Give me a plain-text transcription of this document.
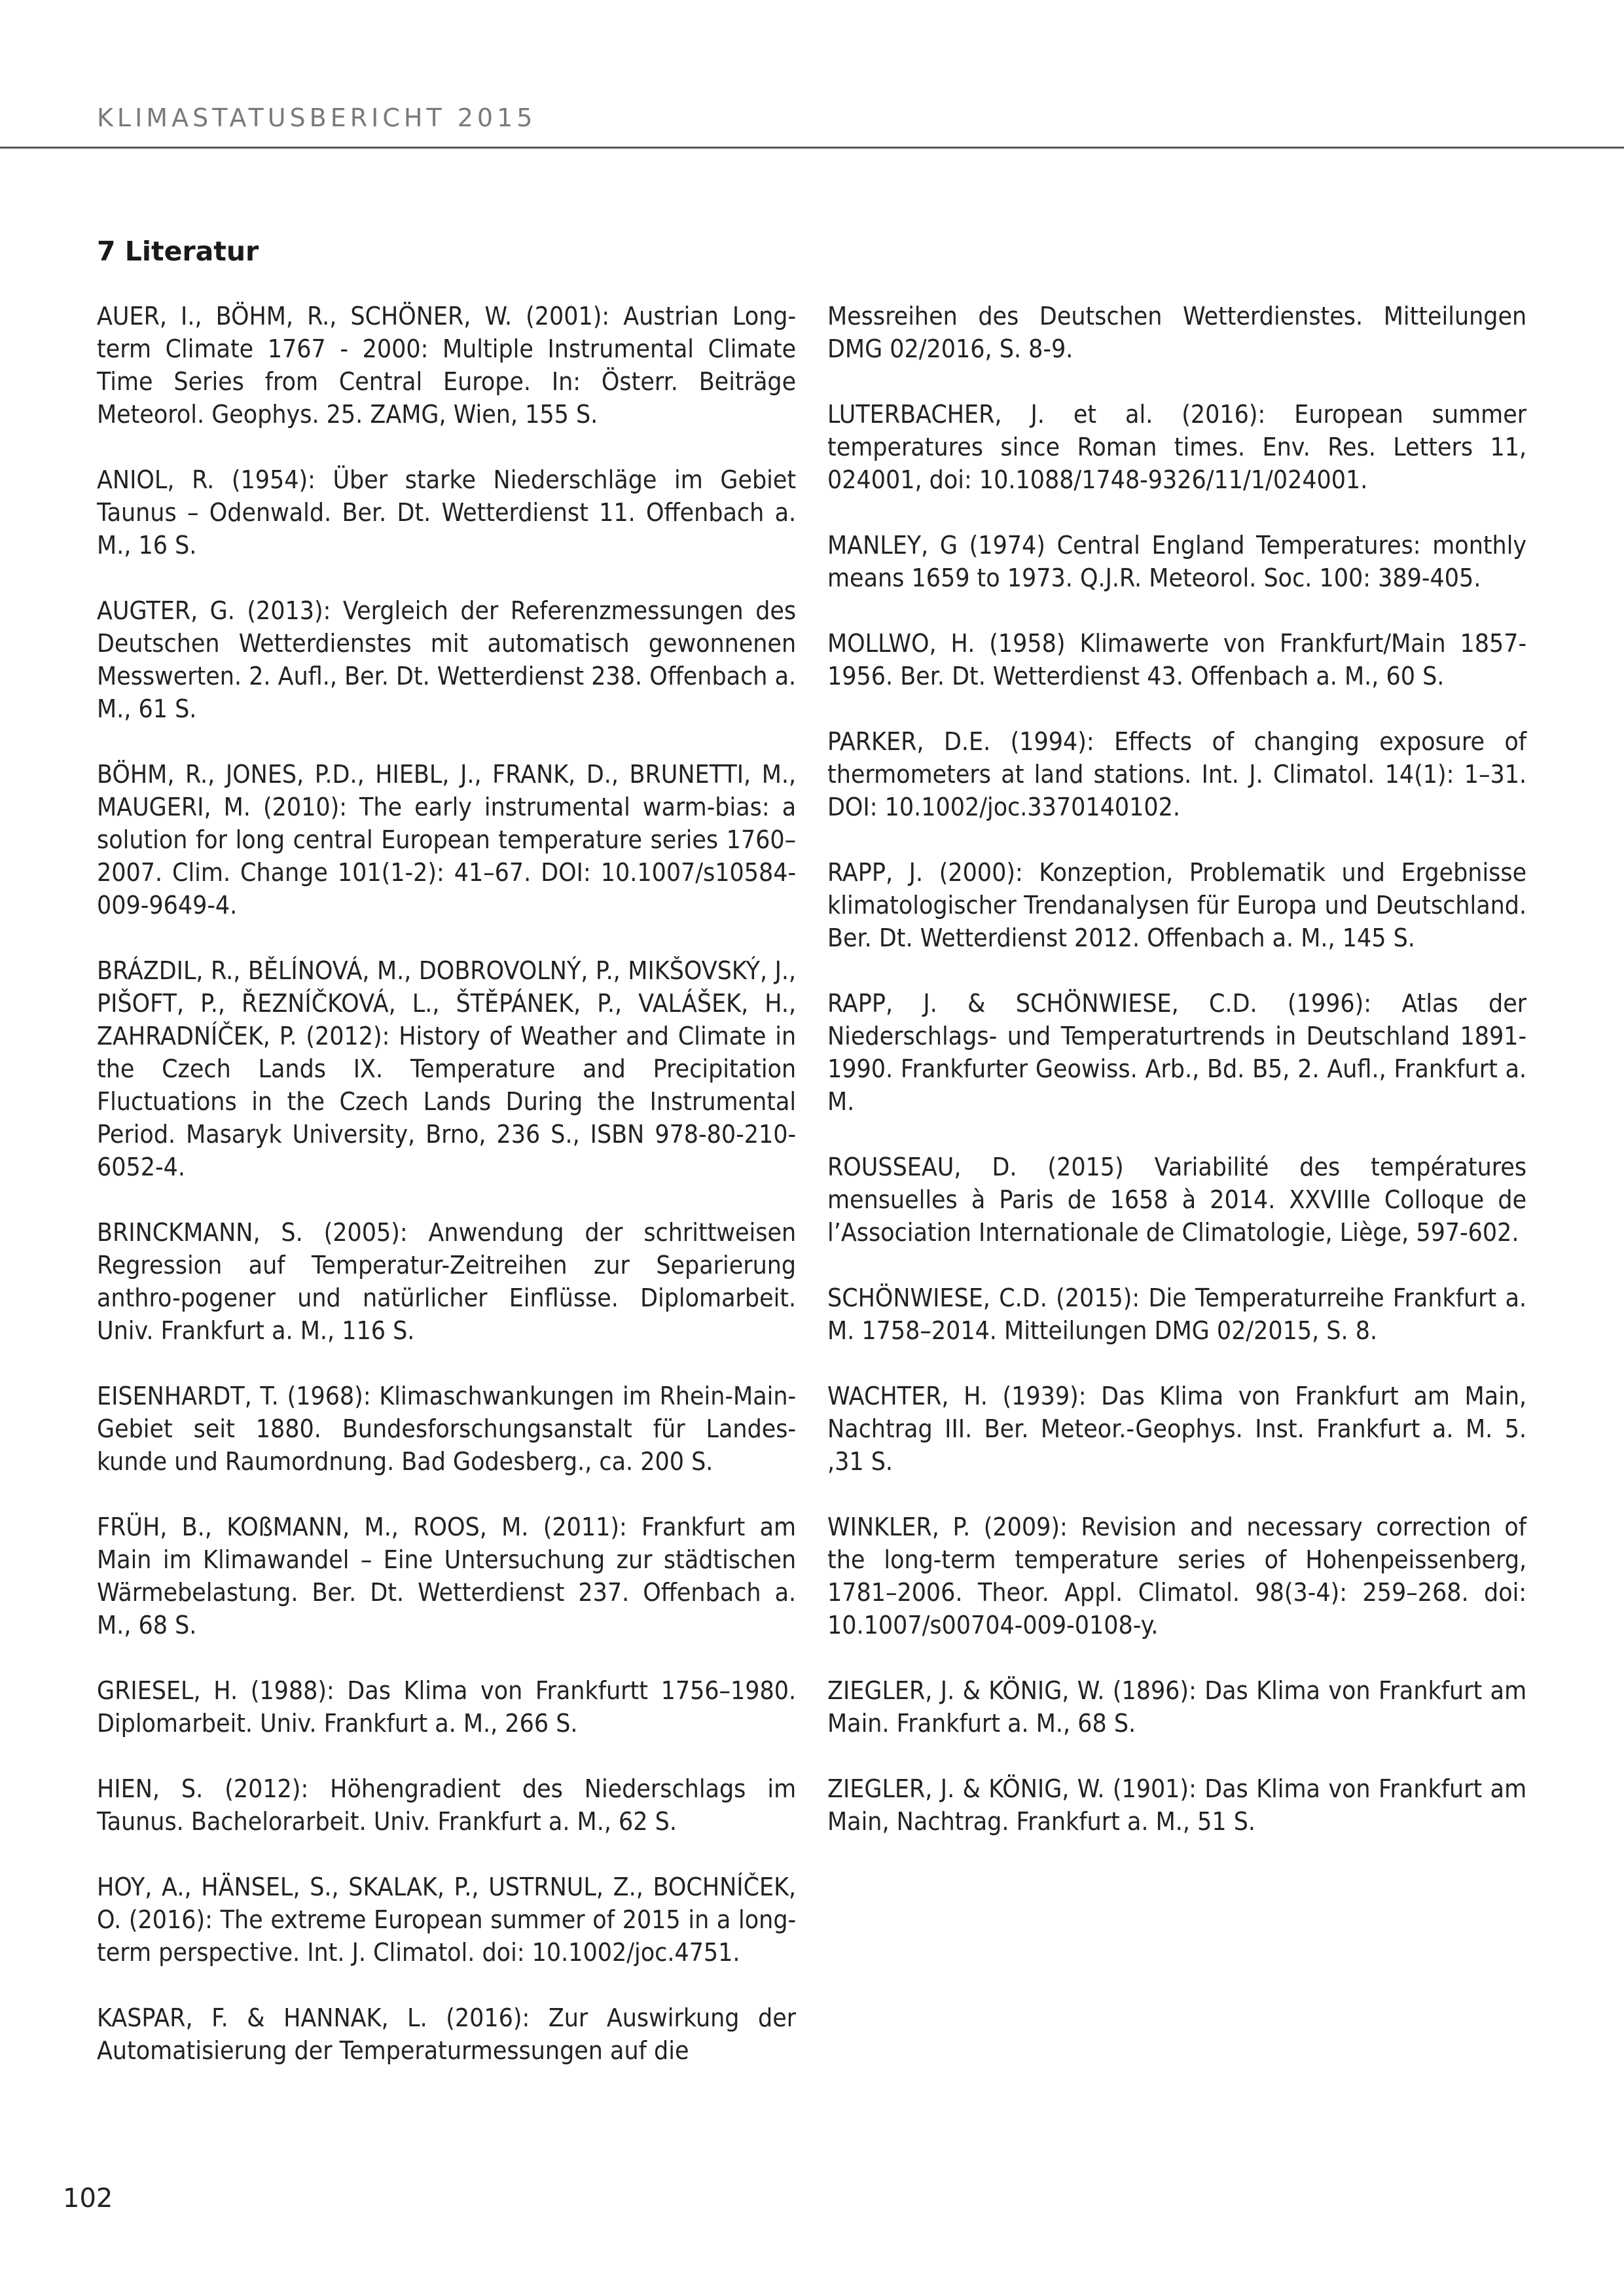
KLIMASTATUSBERICHT 2015
7 Literatur

AUER, I., BÖHM, R., SCHÖNER, W. (2001): Austrian Long-term Climate 1767 - 2000: Multiple Instrumental Climate Time Series from Central Europe. In: Österr. Beiträge Meteorol. Geophys. 25. ZAMG, Wien, 155 S.

ANIOL, R. (1954): Über starke Niederschläge im Gebiet Taunus – Odenwald. Ber. Dt. Wetterdienst 11. Offenbach a. M., 16 S.

AUGTER, G. (2013): Vergleich der Referenzmessungen des Deutschen Wetterdienstes mit automatisch gewonnenen Messwerten. 2. Aufl., Ber. Dt. Wetterdienst 238. Offenbach a. M., 61 S.

BÖHM, R., JONES, P.D., HIEBL, J., FRANK, D., BRUNETTI, M., MAUGERI, M. (2010): The early instrumental warm-bias: a solution for long central European temperature series 1760–2007. Clim. Change 101(1-2): 41–67. DOI: 10.1007/s10584-009-9649-4.

BRÁZDIL, R., BĚLÍNOVÁ, M., DOBROVOLNÝ, P., MIKŠOVSKÝ, J., PIŠOFT, P., ŘEZNÍČKOVÁ, L., ŠTĚPÁNEK, P., VALÁŠEK, H., ZAHRADNÍČEK, P. (2012): History of Weather and Climate in the Czech Lands IX. Temperature and Precipitation Fluctuations in the Czech Lands During the Instrumental Period. Masaryk University, Brno, 236 S., ISBN 978-80-210-6052-4.

BRINCKMANN, S. (2005): Anwendung der schrittweisen Regression auf Temperatur-Zeitreihen zur Separierung anthro-pogener und natürlicher Einflüsse. Diplomarbeit. Univ. Frankfurt a. M., 116 S.

EISENHARDT, T. (1968): Klimaschwankungen im Rhein-Main-Gebiet seit 1880. Bundesforschungsanstalt für Landes-kunde und Raumordnung. Bad Godesberg., ca. 200 S.

FRÜH, B., KOßMANN, M., ROOS, M. (2011): Frankfurt am Main im Klimawandel – Eine Untersuchung zur städtischen Wärmebelastung. Ber. Dt. Wetterdienst 237. Offenbach a. M., 68 S.

GRIESEL, H. (1988): Das Klima von Frankfurtt 1756–1980. Diplomarbeit. Univ. Frankfurt a. M., 266 S.

HIEN, S. (2012): Höhengradient des Niederschlags im Taunus. Bachelorarbeit. Univ. Frankfurt a. M., 62 S.

HOY, A., HÄNSEL, S., SKALAK, P., USTRNUL, Z., BOCHNÍČEK, O. (2016): The extreme European summer of 2015 in a long-term perspective. Int. J. Climatol. doi: 10.1002/joc.4751.

KASPAR, F. & HANNAK, L. (2016): Zur Auswirkung der Automatisierung der Temperaturmessungen auf die

Messreihen des Deutschen Wetterdienstes. Mitteilungen DMG 02/2016, S. 8-9.

LUTERBACHER, J. et al. (2016): European summer temperatures since Roman times. Env. Res. Letters 11, 024001, doi: 10.1088/1748-9326/11/1/024001.

MANLEY, G (1974) Central England Temperatures: monthly means 1659 to 1973. Q.J.R. Meteorol. Soc. 100: 389-405.

MOLLWO, H. (1958) Klimawerte von Frankfurt/Main 1857-1956. Ber. Dt. Wetterdienst 43. Offenbach a. M., 60 S.

PARKER, D.E. (1994): Effects of changing exposure of thermometers at land stations. Int. J. Climatol. 14(1): 1–31. DOI: 10.1002/joc.3370140102.

RAPP, J. (2000): Konzeption, Problematik und Ergebnisse klimatologischer Trendanalysen für Europa und Deutschland. Ber. Dt. Wetterdienst 2012. Offenbach a. M., 145 S.

RAPP, J. & SCHÖNWIESE, C.D. (1996): Atlas der Niederschlags- und Temperaturtrends in Deutschland 1891-1990. Frankfurter Geowiss. Arb., Bd. B5, 2. Aufl., Frankfurt a. M.

ROUSSEAU, D. (2015) Variabilité des températures mensuelles à Paris de 1658 à 2014. XXVIIIe Colloque de l’Association Internationale de Climatologie, Liège, 597-602.

SCHÖNWIESE, C.D. (2015): Die Temperaturreihe Frankfurt a. M. 1758–2014. Mitteilungen DMG 02/2015, S. 8.

WACHTER, H. (1939): Das Klima von Frankfurt am Main, Nachtrag III. Ber. Meteor.-Geophys. Inst. Frankfurt a. M. 5. ,31 S.

WINKLER, P. (2009): Revision and necessary correction of the long-term temperature series of Hohenpeissenberg, 1781–2006. Theor. Appl. Climatol. 98(3-4): 259–268. doi: 10.1007/s00704-009-0108-y.

ZIEGLER, J. & KÖNIG, W. (1896): Das Klima von Frankfurt am Main. Frankfurt a. M., 68 S.

ZIEGLER, J. & KÖNIG, W. (1901): Das Klima von Frankfurt am Main, Nachtrag. Frankfurt a. M., 51 S.

102
